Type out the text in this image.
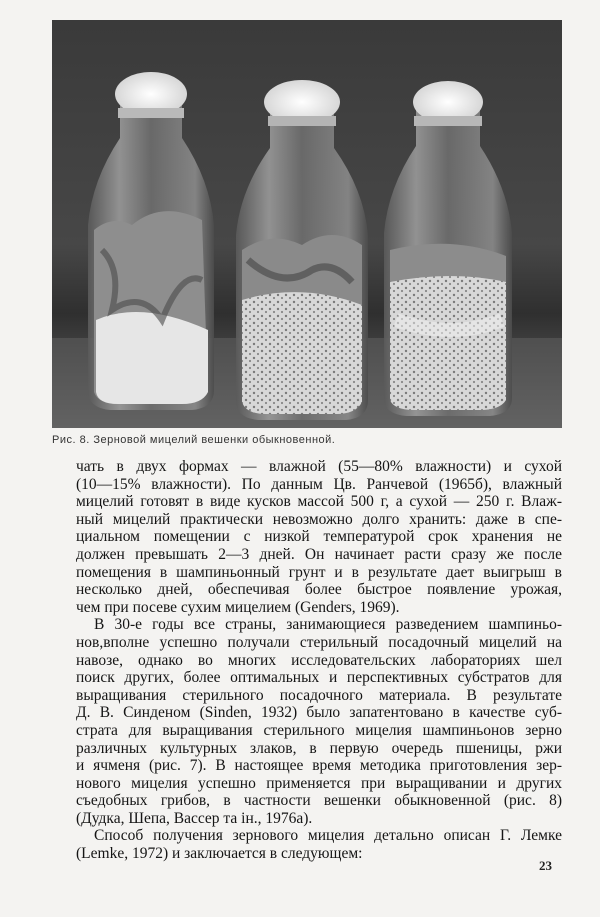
Рис. 8. Зерновой мицелий вешенки обыкновенной.
чать в двух формах — влажной (55—80% влажности) и сухой
(10—15% влажности). По данным Цв. Ранчевой (1965б), влажный
мицелий готовят в виде кусков массой 500 г, а сухой — 250 г. Влаж-
ный мицелий практически невозможно долго хранить: даже в спе-
циальном помещении с низкой температурой срок хранения не
должен превышать 2—3 дней. Он начинает расти сразу же после
помещения в шампиньонный грунт и в результате дает выигрыш в
несколько дней, обеспечивая более быстрое появление урожая,
чем при посеве сухим мицелием (Genders, 1969).
В 30-е годы все страны, занимающиеся разведением шампиньо-
нов,вполне успешно получали стерильный посадочный мицелий на
навозе, однако во многих исследовательских лабораториях шел
поиск других, более оптимальных и перспективных субстратов для
выращивания стерильного посадочного материала. В результате
Д. В. Синденом (Sinden, 1932) было запатентовано в качестве суб-
страта для выращивания стерильного мицелия шампиньонов зерно
различных культурных злаков, в первую очередь пшеницы, ржи
и ячменя (рис. 7). В настоящее время методика приготовления зер-
нового мицелия успешно применяется при выращивании и других
съедобных грибов, в частности вешенки обыкновенной (рис. 8)
(Дудка, Шепа, Вассер та ін., 1976а).
Способ получения зернового мицелия детально описан Г. Лемке
(Lemke, 1972) и заключается в следующем:
23
